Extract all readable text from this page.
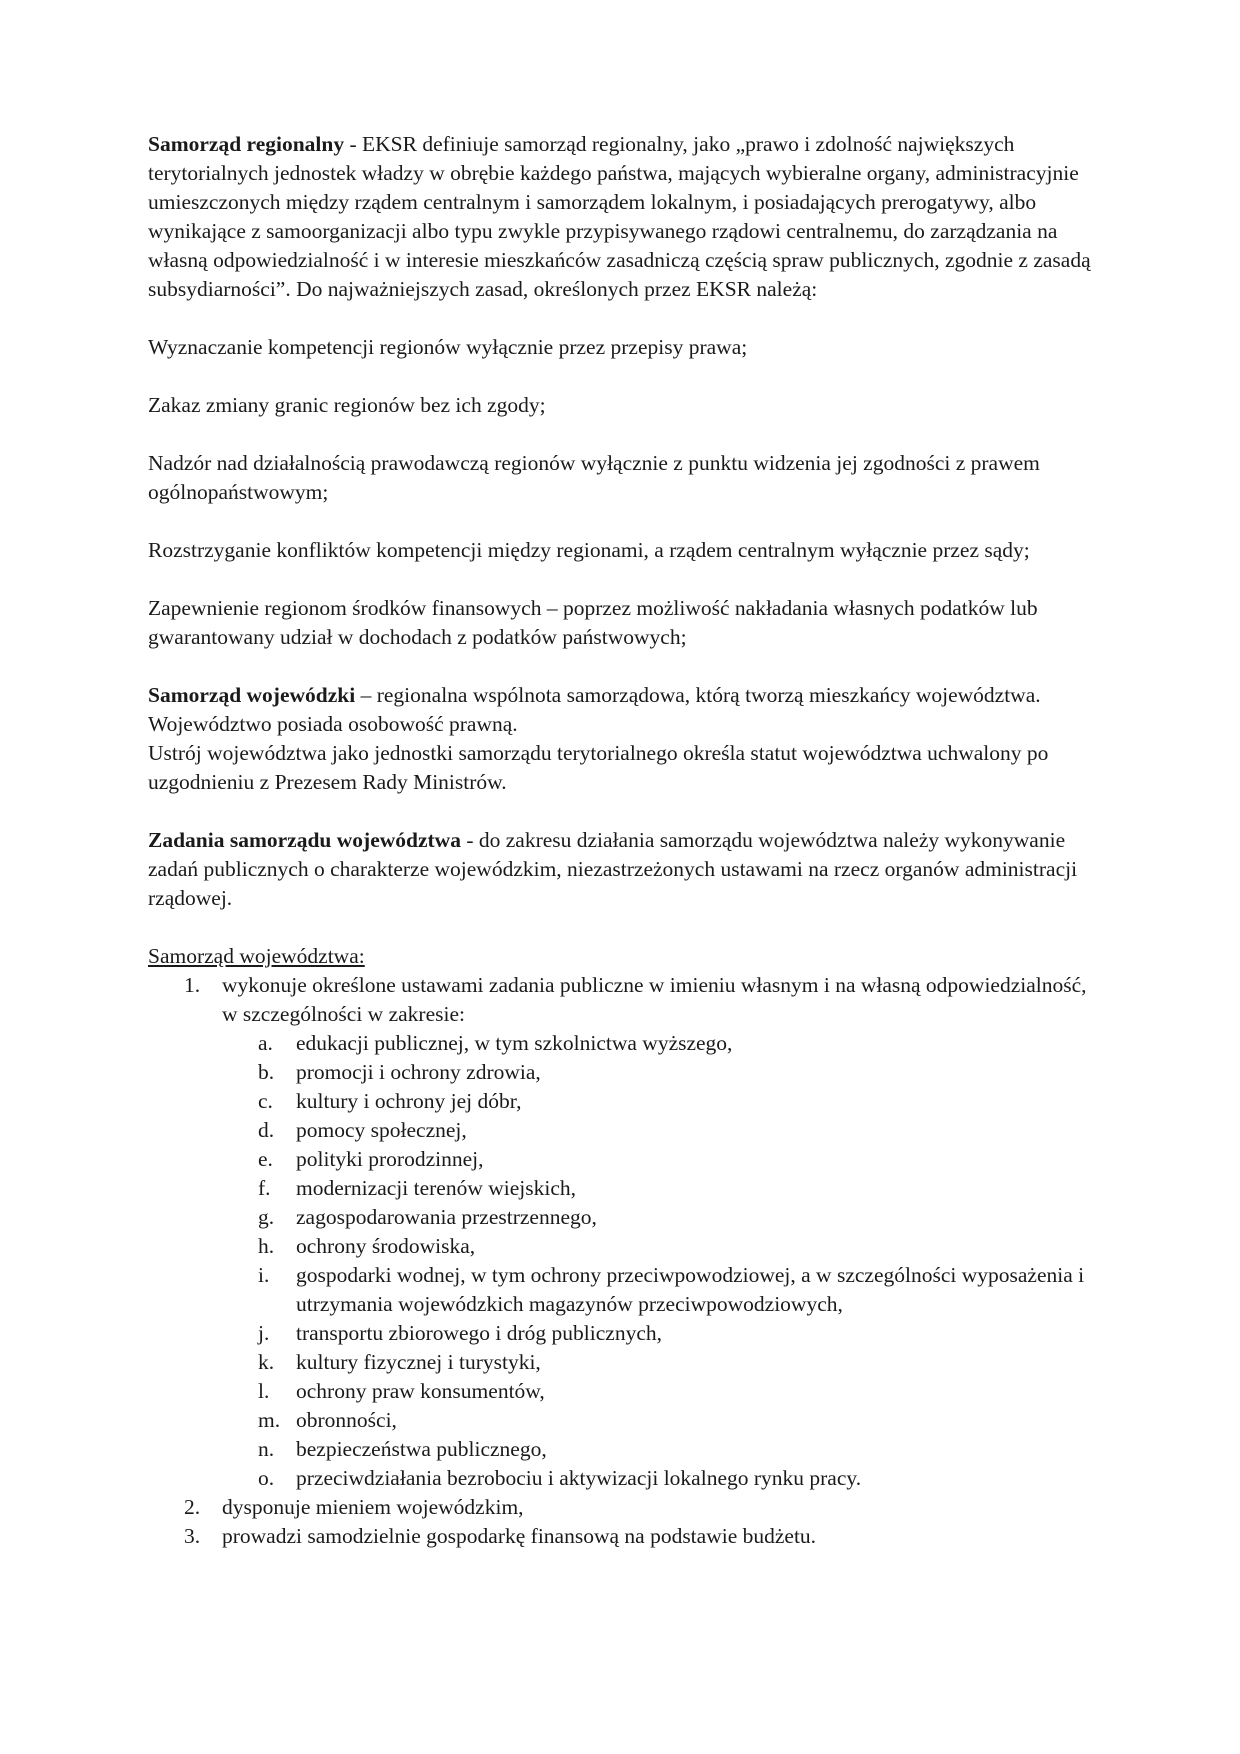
Samorząd regionalny - EKSR definiuje samorząd regionalny, jako „prawo i zdolność największych terytorialnych jednostek władzy w obrębie każdego państwa, mających wybieralne organy, administracyjnie umieszczonych między rządem centralnym i samorządem lokalnym, i posiadających prerogatywy, albo wynikające z samoorganizacji albo typu zwykle przypisywanego rządowi centralnemu, do zarządzania na własną odpowiedzialność i w interesie mieszkańców zasadniczą częścią spraw publicznych, zgodnie z zasadą subsydiarności”. Do najważniejszych zasad, określonych przez EKSR należą:

Wyznaczanie kompetencji regionów wyłącznie przez przepisy prawa;

Zakaz zmiany granic regionów bez ich zgody;

Nadzór nad działalnością prawodawczą regionów wyłącznie z punktu widzenia jej zgodności z prawem ogólnopaństwowym;

Rozstrzyganie konfliktów kompetencji między regionami, a rządem centralnym wyłącznie przez sądy;

Zapewnienie regionom środków finansowych – poprzez możliwość nakładania własnych podatków lub gwarantowany udział w dochodach z podatków państwowych;

Samorząd wojewódzki – regionalna wspólnota samorządowa, którą tworzą mieszkańcy województwa. Województwo posiada osobowość prawną.

Ustrój województwa jako jednostki samorządu terytorialnego określa statut województwa uchwalony po uzgodnieniu z Prezesem Rady Ministrów.

Zadania samorządu województwa - do zakresu działania samorządu województwa należy wykonywanie zadań publicznych o charakterze wojewódzkim, niezastrzeżonych ustawami na rzecz organów administracji rządowej.

Samorząd województwa:
1. wykonuje określone ustawami zadania publiczne w imieniu własnym i na własną odpowiedzialność, w szczególności w zakresie:
a. edukacji publicznej, w tym szkolnictwa wyższego,
b. promocji i ochrony zdrowia,
c. kultury i ochrony jej dóbr,
d. pomocy społecznej,
e. polityki prorodzinnej,
f. modernizacji terenów wiejskich,
g. zagospodarowania przestrzennego,
h. ochrony środowiska,
i. gospodarki wodnej, w tym ochrony przeciwpowodziowej, a w szczególności wyposażenia i utrzymania wojewódzkich magazynów przeciwpowodziowych,
j. transportu zbiorowego i dróg publicznych,
k. kultury fizycznej i turystyki,
l. ochrony praw konsumentów,
m. obronności,
n. bezpieczeństwa publicznego,
o. przeciwdziałania bezrobociu i aktywizacji lokalnego rynku pracy.
2. dysponuje mieniem wojewódzkim,
3. prowadzi samodzielnie gospodarkę finansową na podstawie budżetu.
